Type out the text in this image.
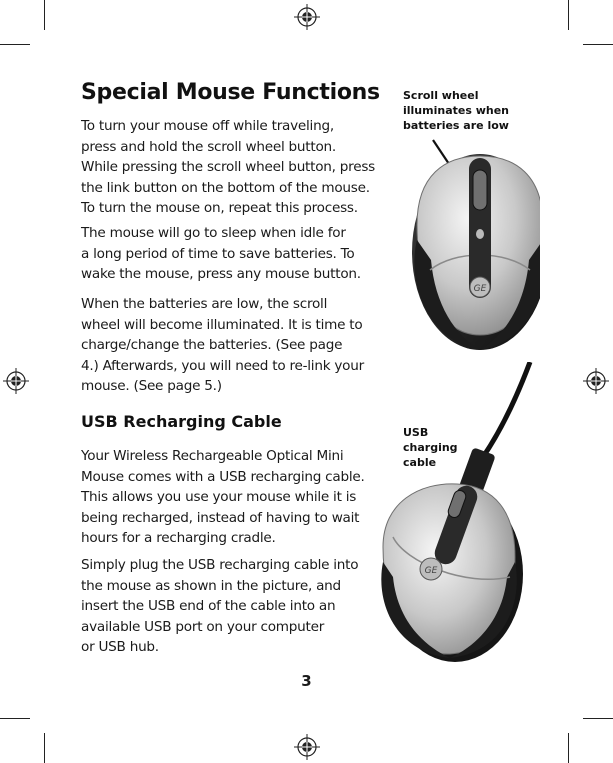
Special Mouse Functions
To turn your mouse off while traveling,
press and hold the scroll wheel button.
While pressing the scroll wheel button, press
the link button on the bottom of the mouse.
To turn the mouse on, repeat this process.
The mouse will go to sleep when idle for
a long period of time to save batteries. To
wake the mouse, press any mouse button.
When the batteries are low, the scroll
wheel will become illuminated. It is time to
charge/change the batteries. (See page
4.) Afterwards, you will need to re-link your
mouse. (See page 5.)
USB Recharging Cable
Your Wireless Rechargeable Optical Mini
Mouse comes with a USB recharging cable.
This allows you use your mouse while it is
being recharged, instead of having to wait
hours for a recharging cradle.
Simply plug the USB recharging cable into
the mouse as shown in the picture, and
insert the USB end of the cable into an
available USB port on your computer
or USB hub.
Scroll wheel
illuminates when
batteries are low
USB
charging
cable
GE
GE
3
